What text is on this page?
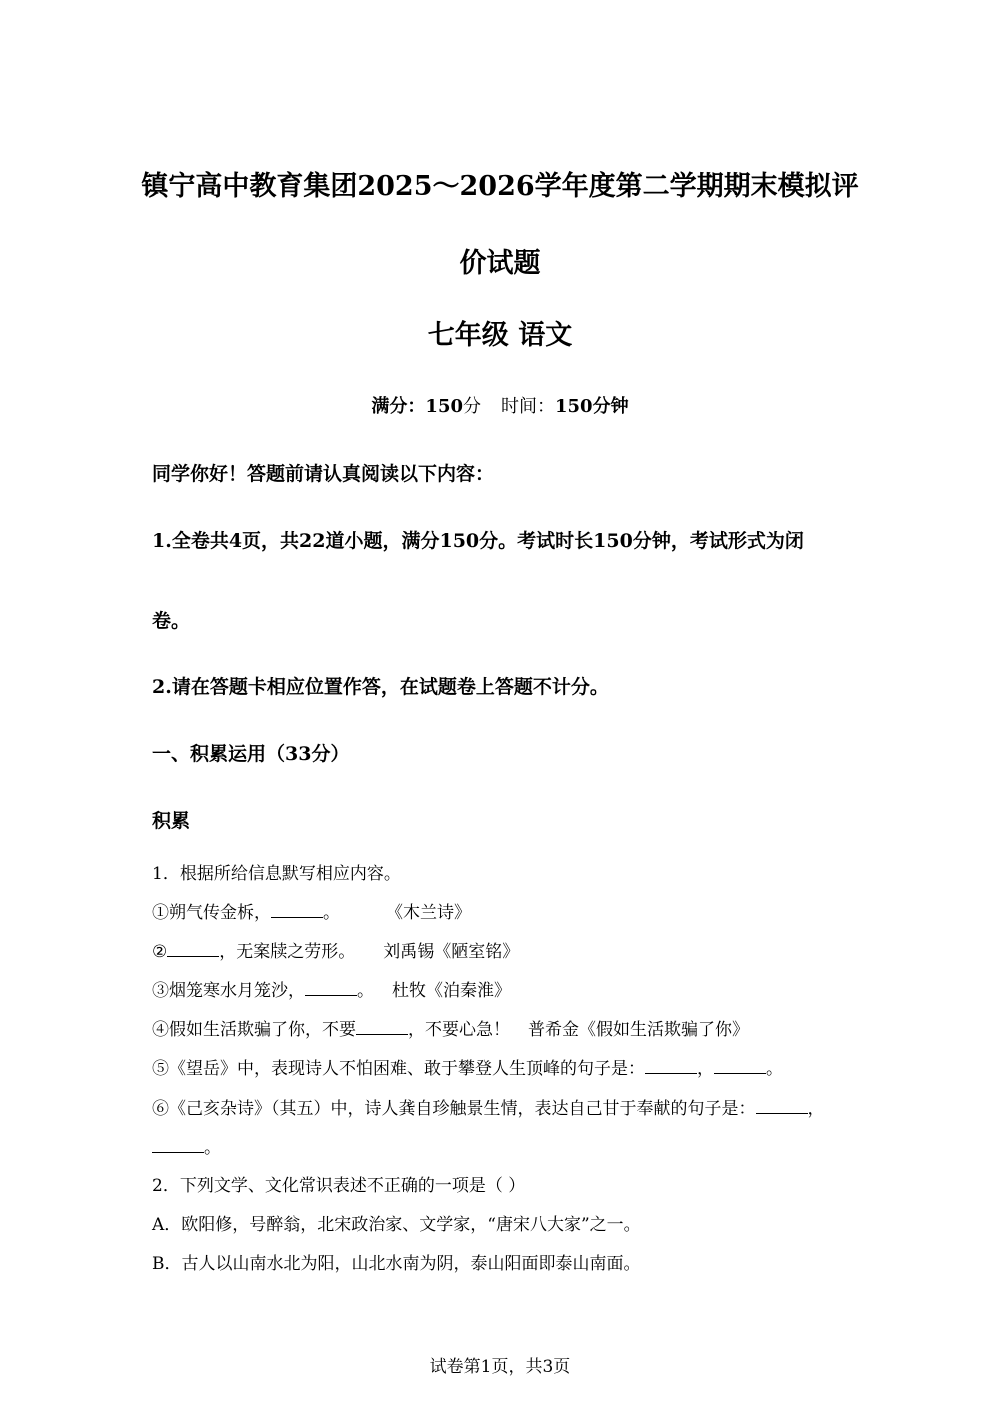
镇宁高中教育集团2025～2026学年度第二学期期末模拟评
价试题
七年级 语文
满分：150分 时间：150分钟
同学你好！答题前请认真阅读以下内容：
1.全卷共4页，共22道小题，满分150分。考试时长150分钟，考试形式为闭
卷。
2.请在答题卡相应位置作答，在试题卷上答题不计分。
一、积累运用（33分）
积累
1．根据所给信息默写相应内容。
①朔气传金柝，	。	《木兰诗》
②	，无案牍之劳形。 刘禹锡《陋室铭》
③烟笼寒水月笼沙，	。 杜牧《泊秦淮》
④假如生活欺骗了你，不要	，不要心急！ 普希金《假如生活欺骗了你》
⑤《望岳》中，表现诗人不怕困难、敢于攀登人生顶峰的句子是：	，	。
⑥《己亥杂诗》（其五）中，诗人龚自珍触景生情，表达自己甘于奉献的句子是：	，
。
2．下列文学、文化常识表述不正确的一项是（ ）
A．欧阳修，号醉翁，北宋政治家、文学家，“唐宋八大家”之一。
B．古人以山南水北为阳，山北水南为阴，泰山阳面即泰山南面。
试卷第1页，共3页
